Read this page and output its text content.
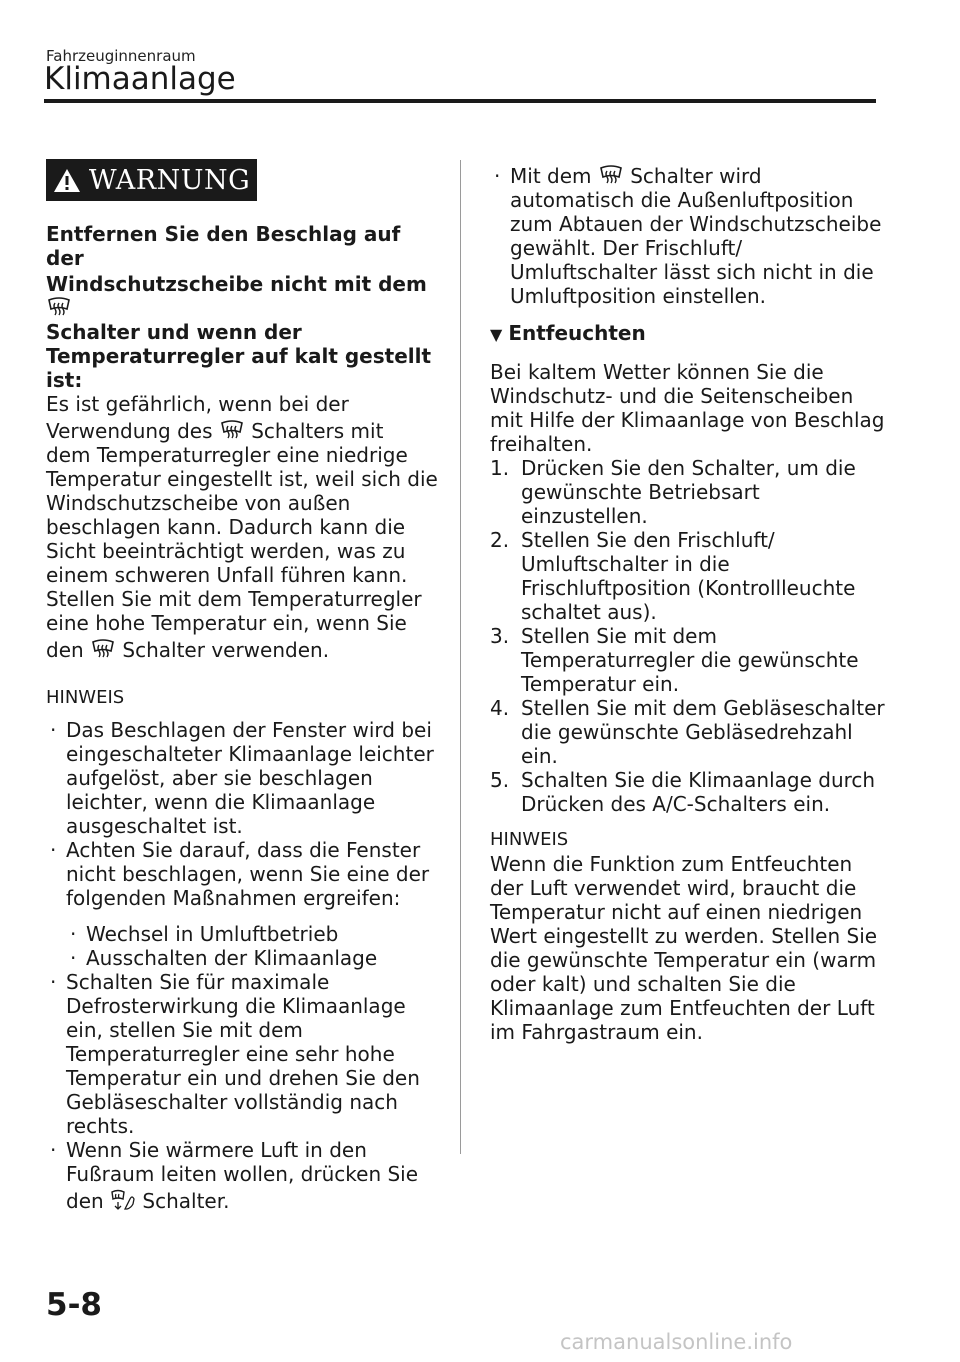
Fahrzeuginnenraum
Klimaanlage
WARNUNG

Entfernen Sie den Beschlag auf der

Windschutzscheibe nicht mit dem

Schalter und wenn der

Temperaturregler auf kalt gestellt ist:

Es ist gefährlich, wenn bei der

Verwendung des Schalters mit

dem Temperaturregler eine niedrige

Temperatur eingestellt ist, weil sich die

Windschutzscheibe von außen

beschlagen kann. Dadurch kann die

Sicht beeinträchtigt werden, was zu

einem schweren Unfall führen kann.

Stellen Sie mit dem Temperaturregler

eine hohe Temperatur ein, wenn Sie

den Schalter verwenden.

HINWEIS

· Das Beschlagen der Fenster wird bei

eingeschalteter Klimaanlage leichter

aufgelöst, aber sie beschlagen

leichter, wenn die Klimaanlage

ausgeschaltet ist.

· Achten Sie darauf, dass die Fenster

nicht beschlagen, wenn Sie eine der

folgenden Maßnahmen ergreifen:

· Wechsel in Umluftbetrieb

· Ausschalten der Klimaanlage

· Schalten Sie für maximale

Defrosterwirkung die Klimaanlage

ein, stellen Sie mit dem

Temperaturregler eine sehr hohe

Temperatur ein und drehen Sie den

Gebläseschalter vollständig nach

rechts.

· Wenn Sie wärmere Luft in den

Fußraum leiten wollen, drücken Sie

den Schalter.

· Mit dem Schalter wird

automatisch die Außenluftposition

zum Abtauen der Windschutzscheibe

gewählt. Der Frischluft/

Umluftschalter lässt sich nicht in die

Umluftposition einstellen.

▼ Entfeuchten

Bei kaltem Wetter können Sie die

Windschutz- und die Seitenscheiben

mit Hilfe der Klimaanlage von Beschlag

freihalten.

1. Drücken Sie den Schalter, um die

gewünschte Betriebsart

einzustellen.

2. Stellen Sie den Frischluft/

Umluftschalter in die

Frischluftposition (Kontrollleuchte

schaltet aus).

3. Stellen Sie mit dem

Temperaturregler die gewünschte

Temperatur ein.

4. Stellen Sie mit dem Gebläseschalter

die gewünschte Gebläsedrehzahl

ein.

5. Schalten Sie die Klimaanlage durch

Drücken des A/C-Schalters ein.

HINWEIS

Wenn die Funktion zum Entfeuchten

der Luft verwendet wird, braucht die

Temperatur nicht auf einen niedrigen

Wert eingestellt zu werden. Stellen Sie

die gewünschte Temperatur ein (warm

oder kalt) und schalten Sie die

Klimaanlage zum Entfeuchten der Luft

im Fahrgastraum ein.

5-8
carmanualsonline.info
